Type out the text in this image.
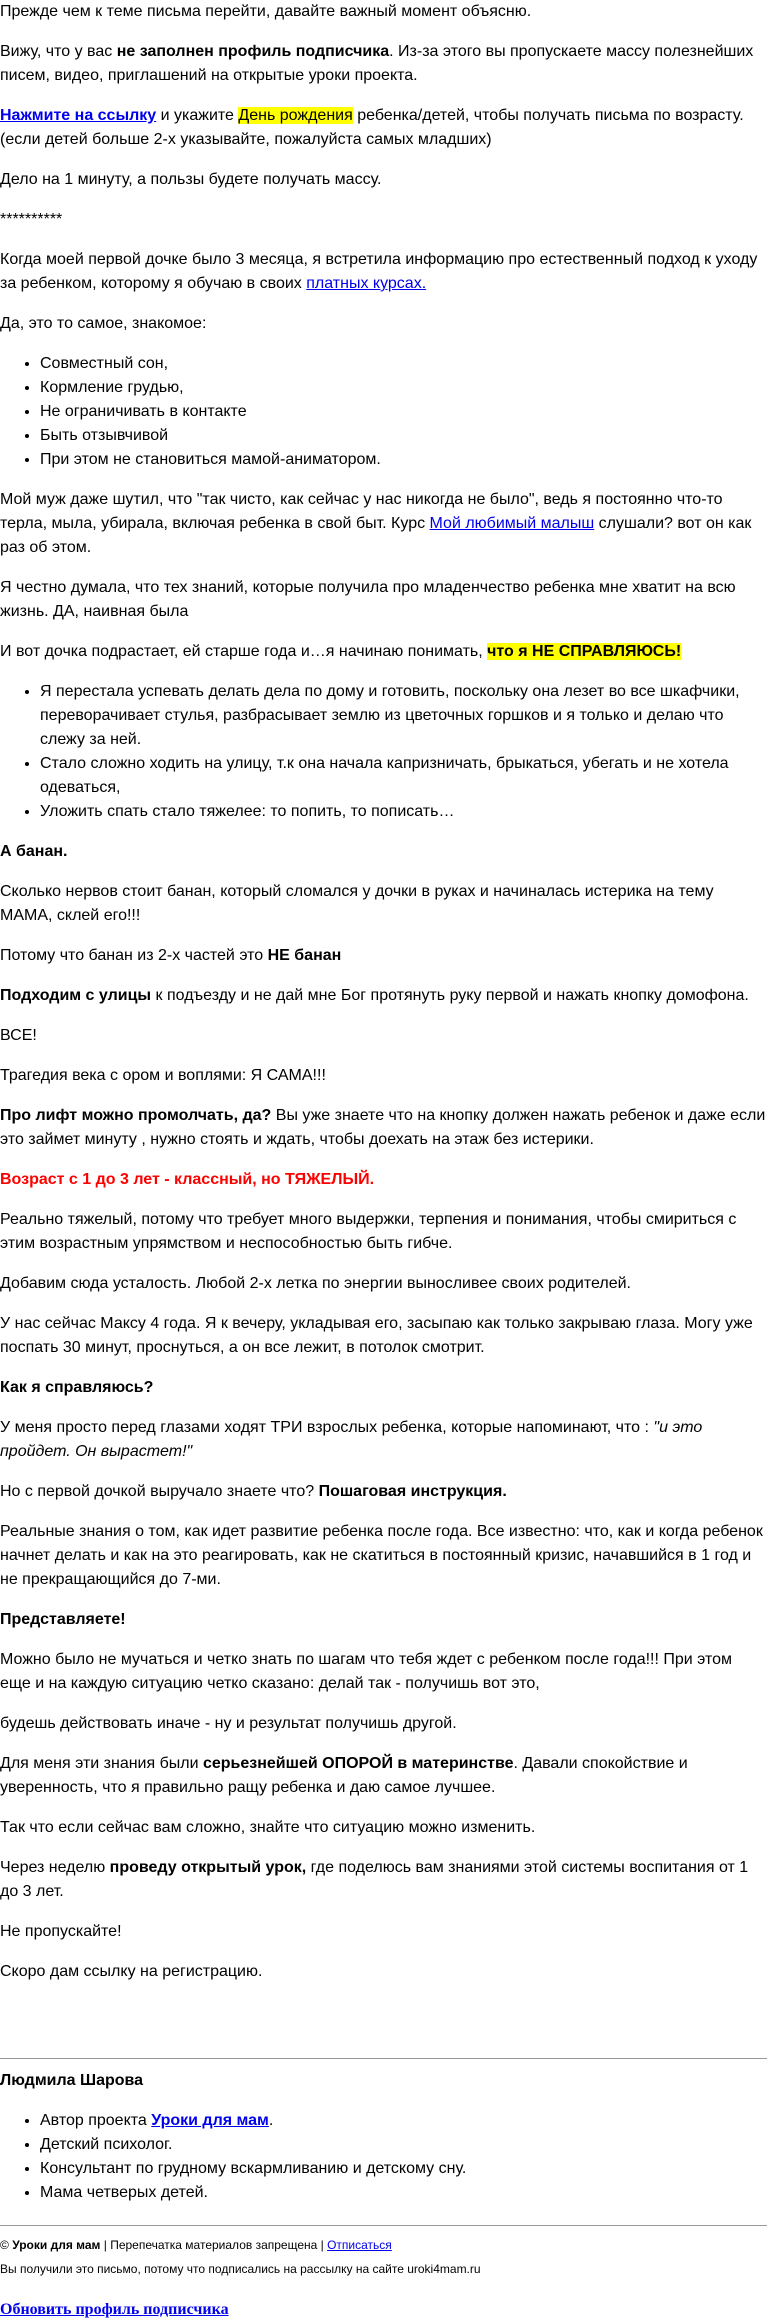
Прежде чем к теме письма перейти, давайте важный момент объясню.

Вижу, что у вас не заполнен профиль подписчика. Из-за этого вы пропускаете массу полезнейших писем, видео, приглашений на открытые уроки проекта.

Нажмите на ссылку и укажите День рождения ребенка/детей, чтобы получать письма по возрасту.
(если детей больше 2-х указывайте, пожалуйста самых младших)

Дело на 1 минуту, а пользы будете получать массу.

**********

Когда моей первой дочке было 3 месяца, я встретила информацию про естественный подход к уходу за ребенком, которому я обучаю в своих платных курсах.

Да, это то самое, знакомое:

• Совместный сон,
• Кормление грудью,
• Не ограничивать в контакте
• Быть отзывчивой
• При этом не становиться мамой-аниматором.

Мой муж даже шутил, что "так чисто, как сейчас у нас никогда не было", ведь я постоянно что-то терла, мыла, убирала, включая ребенка в свой быт. Курс Мой любимый малыш слушали? вот он как раз об этом.

Я честно думала, что тех знаний, которые получила про младенчество ребенка мне хватит на всю жизнь. ДА, наивная была

И вот дочка подрастает, ей старше года и…я начинаю понимать, что я НЕ СПРАВЛЯЮСЬ!

• Я перестала успевать делать дела по дому и готовить, поскольку она лезет во все шкафчики, переворачивает стулья, разбрасывает землю из цветочных горшков и я только и делаю что слежу за ней.
• Стало сложно ходить на улицу, т.к она начала капризничать, брыкаться, убегать и не хотела одеваться,
• Уложить спать стало тяжелее: то попить, то пописать…

А банан.

Сколько нервов стоит банан, который сломался у дочки в руках и начиналась истерика на тему МАМА, склей его!!!

Потому что банан из 2-х частей это НЕ банан

Подходим с улицы к подъезду и не дай мне Бог протянуть руку первой и нажать кнопку домофона.

ВСЕ!

Трагедия века с ором и воплями: Я САМА!!!

Про лифт можно промолчать, да? Вы уже знаете что на кнопку должен нажать ребенок и даже если это займет минуту , нужно стоять и ждать, чтобы доехать на этаж без истерики.

Возраст с 1 до 3 лет - классный, но ТЯЖЕЛЫЙ.

Реально тяжелый, потому что требует много выдержки, терпения и понимания, чтобы смириться с этим возрастным упрямством и неспособностью быть гибче.

Добавим сюда усталость. Любой 2-х летка по энергии выносливее своих родителей.

У нас сейчас Максу 4 года. Я к вечеру, укладывая его, засыпаю как только закрываю глаза. Могу уже поспать 30 минут, проснуться, а он все лежит, в потолок смотрит.

Как я справляюсь?

У меня просто перед глазами ходят ТРИ взрослых ребенка, которые напоминают, что : "и это пройдет. Он вырастет!"

Но с первой дочкой выручало знаете что? Пошаговая инструкция.

Реальные знания о том, как идет развитие ребенка после года. Все известно: что, как и когда ребенок начнет делать и как на это реагировать, как не скатиться в постоянный кризис, начавшийся в 1 год и не прекращающийся до 7-ми.

Представляете!

Можно было не мучаться и четко знать по шагам что тебя ждет с ребенком после года!!! При этом еще и на каждую ситуацию четко сказано: делай так - получишь вот это,

будешь действовать иначе - ну и результат получишь другой.

Для меня эти знания были серьезнейшей ОПОРОЙ в материнстве. Давали спокойствие и уверенность, что я правильно ращу ребенка и даю самое лучшее.

Так что если сейчас вам сложно, знайте что ситуацию можно изменить.

Через неделю проведу открытый урок, где поделюсь вам знаниями этой системы воспитания от 1 до 3 лет.

Не пропускайте!

Скоро дам ссылку на регистрацию.

Людмила Шарова

• Автор проекта Уроки для мам.
• Детский психолог.
• Консультант по грудному вскармливанию и детскому сну.
• Мама четверых детей.

© Уроки для мам | Перепечатка материалов запрещена | Отписаться

Вы получили это письмо, потому что подписались на рассылку на сайте uroki4mam.ru

Обновить профиль подписчика
